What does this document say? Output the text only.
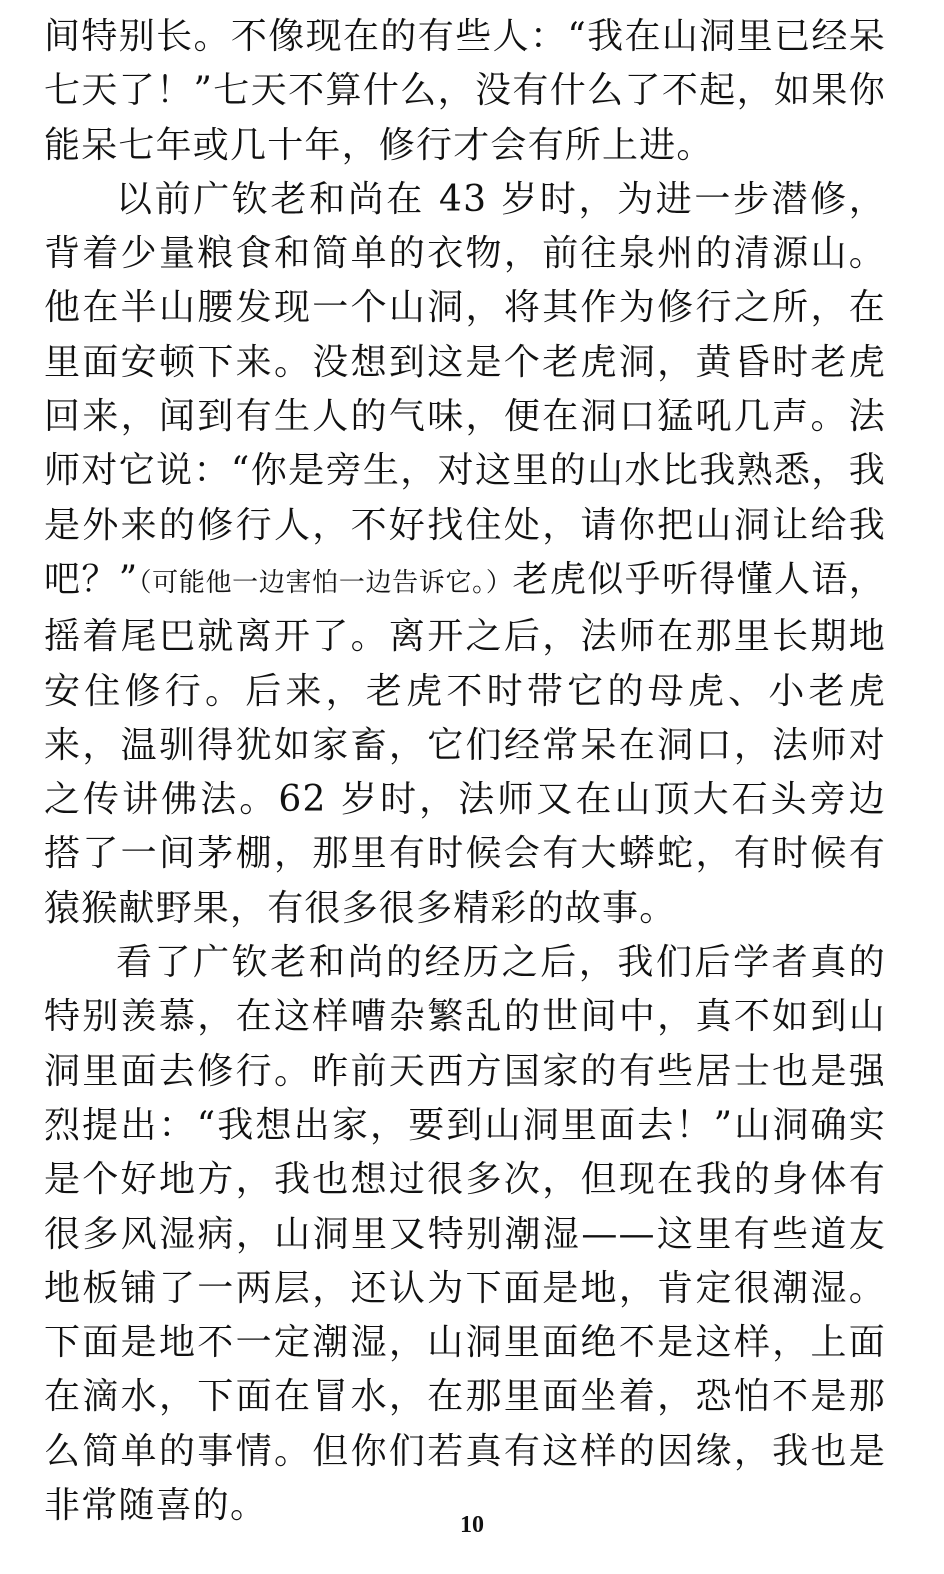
间特别长。不像现在的有些人：“我在山洞里已经呆七天了！”七天不算什么，没有什么了不起，如果你能呆七年或几十年，修行才会有所上进。

以前广钦老和尚在 43 岁时，为进一步潜修，背着少量粮食和简单的衣物，前往泉州的清源山。他在半山腰发现一个山洞，将其作为修行之所，在里面安顿下来。没想到这是个老虎洞，黄昏时老虎回来，闻到有生人的气味，便在洞口猛吼几声。法师对它说：“你是旁生，对这里的山水比我熟悉，我是外来的修行人，不好找住处，请你把山洞让给我吧？”（可能他一边害怕一边告诉它。）老虎似乎听得懂人语，摇着尾巴就离开了。离开之后，法师在那里长期地安住修行。后来，老虎不时带它的母虎、小老虎来，温驯得犹如家畜，它们经常呆在洞口，法师对之传讲佛法。62 岁时，法师又在山顶大石头旁边搭了一间茅棚，那里有时候会有大蟒蛇，有时候有猿猴献野果，有很多很多精彩的故事。

看了广钦老和尚的经历之后，我们后学者真的特别羡慕，在这样嘈杂繁乱的世间中，真不如到山洞里面去修行。昨前天西方国家的有些居士也是强烈提出：“我想出家，要到山洞里面去！”山洞确实是个好地方，我也想过很多次，但现在我的身体有很多风湿病，山洞里又特别潮湿——这里有些道友地板铺了一两层，还认为下面是地，肯定很潮湿。下面是地不一定潮湿，山洞里面绝不是这样，上面在滴水，下面在冒水，在那里面坐着，恐怕不是那么简单的事情。但你们若真有这样的因缘，我也是非常随喜的。	10
